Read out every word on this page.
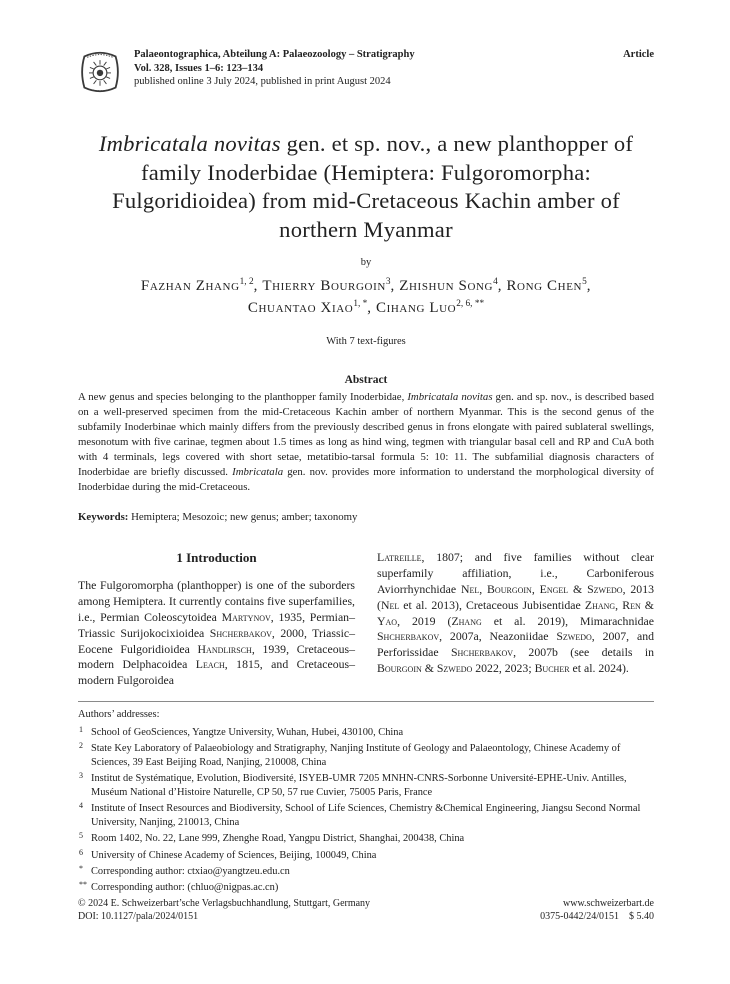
Palaeontographica, Abteilung A: Palaeozoology – Stratigraphy
Vol. 328, Issues 1–6: 123–134
published online 3 July 2024, published in print August 2024
Article
Imbricatala novitas gen. et sp. nov., a new planthopper of family Inoderbidae (Hemiptera: Fulgoromorpha: Fulgoridioidea) from mid-Cretaceous Kachin amber of northern Myanmar
by
Fazhan Zhang$^{1, 2}$, Thierry Bourgoin$^3$, Zhishun Song$^4$, Rong Chen$^5$,
Chuantao Xiao$^{1, *}$, Cihang Luo$^{2, 6, **}$
With 7 text-figures
Abstract

A new genus and species belonging to the planthopper family Inoderbidae, Imbricatala novitas gen. and sp. nov., is described based on a well-preserved specimen from the mid-Cretaceous Kachin amber of northern Myanmar. This is the second genus of the subfamily Inoderbinae which mainly differs from the previously described genus in frons elongate with paired sublateral swellings, mesonotum with five carinae, tegmen about 1.5 times as long as hind wing, tegmen with triangular basal cell and RP and CuA both with 4 terminals, legs covered with short setae, metatibio-tarsal formula 5: 10: 11. The subfamilial diagnosis characters of Inoderbidae are briefly discussed. Imbricatala gen. nov. provides more information to understand the morphological diversity of Inoderbidae during the mid-Cretaceous.

Keywords: Hemiptera; Mesozoic; new genus; amber; taxonomy

1 Introduction

The Fulgoromorpha (planthopper) is one of the suborders among Hemiptera. It currently contains five superfamilies, i.e., Permian Coleoscytoidea Martynov, 1935, Permian–Triassic Surijokocixioidea Shcherbakov, 2000, Triassic–Eocene Fulgoridioidea Handlirsch, 1939, Cretaceous–modern Delphacoidea Leach, 1815, and Cretaceous–modern Fulgoroidea

Latreille, 1807; and five families without clear superfamily affiliation, i.e., Carboniferous Aviorrhynchidae Nel, Bourgoin, Engel & Szwedo, 2013 (Nel et al. 2013), Cretaceous Jubisentidae Zhang, Ren & Yao, 2019 (Zhang et al. 2019), Mimarachnidae Shcherbakov, 2007a, Neazoniidae Szwedo, 2007, and Perforissidae Shcherbakov, 2007b (see details in Bourgoin & Szwedo 2022, 2023; Bucher et al. 2024).

Authors’ addresses:
1 School of GeoSciences, Yangtze University, Wuhan, Hubei, 430100, China
2 State Key Laboratory of Palaeobiology and Stratigraphy, Nanjing Institute of Geology and Palaeontology, Chinese Academy of Sciences, 39 East Beijing Road, Nanjing, 210008, China
3 Institut de Systématique, Evolution, Biodiversité, ISYEB-UMR 7205 MNHN-CNRS-Sorbonne Université-EPHE-Univ. Antilles, Muséum National d’Histoire Naturelle, CP 50, 57 rue Cuvier, 75005 Paris, France
4 Institute of Insect Resources and Biodiversity, School of Life Sciences, Chemistry &Chemical Engineering, Jiangsu Second Normal University, Nanjing, 210013, China
5 Room 1402, No. 22, Lane 999, Zhenghe Road, Yangpu District, Shanghai, 200438, China
6 University of Chinese Academy of Sciences, Beijing, 100049, China
* Corresponding author: ctxiao@yangtzeu.edu.cn
** Corresponding author: (chluo@nigpas.ac.cn)
© 2024 E. Schweizerbart’sche Verlagsbuchhandlung, Stuttgart, Germany
DOI: 10.1127/pala/2024/0151
www.schweizerbart.de
0375-0442/24/0151    $ 5.40
